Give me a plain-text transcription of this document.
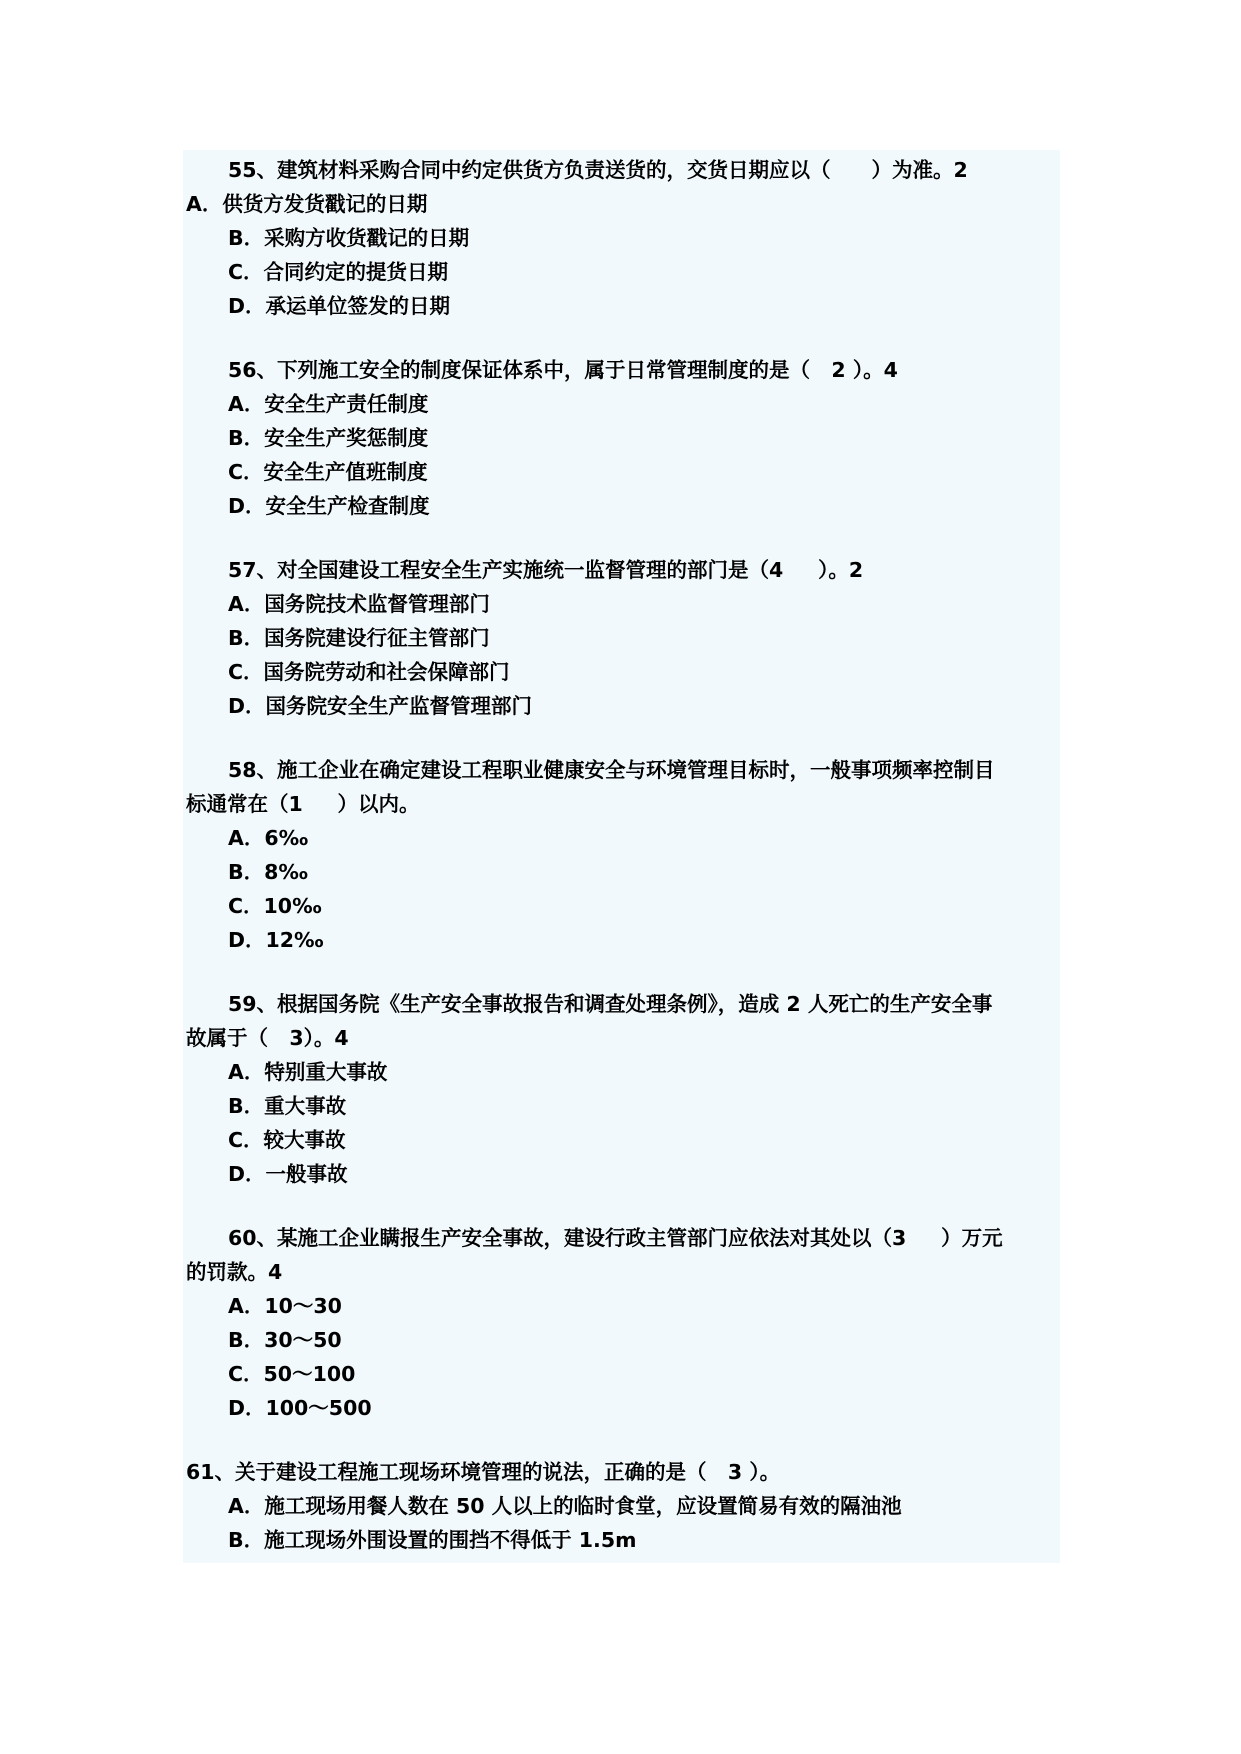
55、建筑材料采购合同中约定供货方负责送货的，交货日期应以（　　）为准。2
A．供货方发货戳记的日期
B．采购方收货戳记的日期
C．合同约定的提货日期
D．承运单位签发的日期
56、下列施工安全的制度保证体系中，属于日常管理制度的是（   2 ）。4
A．安全生产责任制度
B．安全生产奖惩制度
C．安全生产值班制度
D．安全生产检查制度
57、对全国建设工程安全生产实施统一监督管理的部门是（4　  ）。2
A．国务院技术监督管理部门
B．国务院建设行征主管部门
C．国务院劳动和社会保障部门
D．国务院安全生产监督管理部门
58、施工企业在确定建设工程职业健康安全与环境管理目标时，一般事项频率控制目
标通常在（1　  ）以内。
A．6‰
B．8‰
C．10‰
D．12‰
59、根据国务院《生产安全事故报告和调查处理条例》，造成 2 人死亡的生产安全事
故属于（   3）。4
A．特别重大事故
B．重大事故
C．较大事故
D．一般事故
60、某施工企业瞒报生产安全事故，建设行政主管部门应依法对其处以（3　  ）万元
的罚款。4
A．10～30
B．30～50
C．50～100
D．100～500
61、关于建设工程施工现场环境管理的说法，正确的是（   3 ）。
A．施工现场用餐人数在 50 人以上的临时食堂，应设置简易有效的隔油池
B．施工现场外围设置的围挡不得低于 1.5m
